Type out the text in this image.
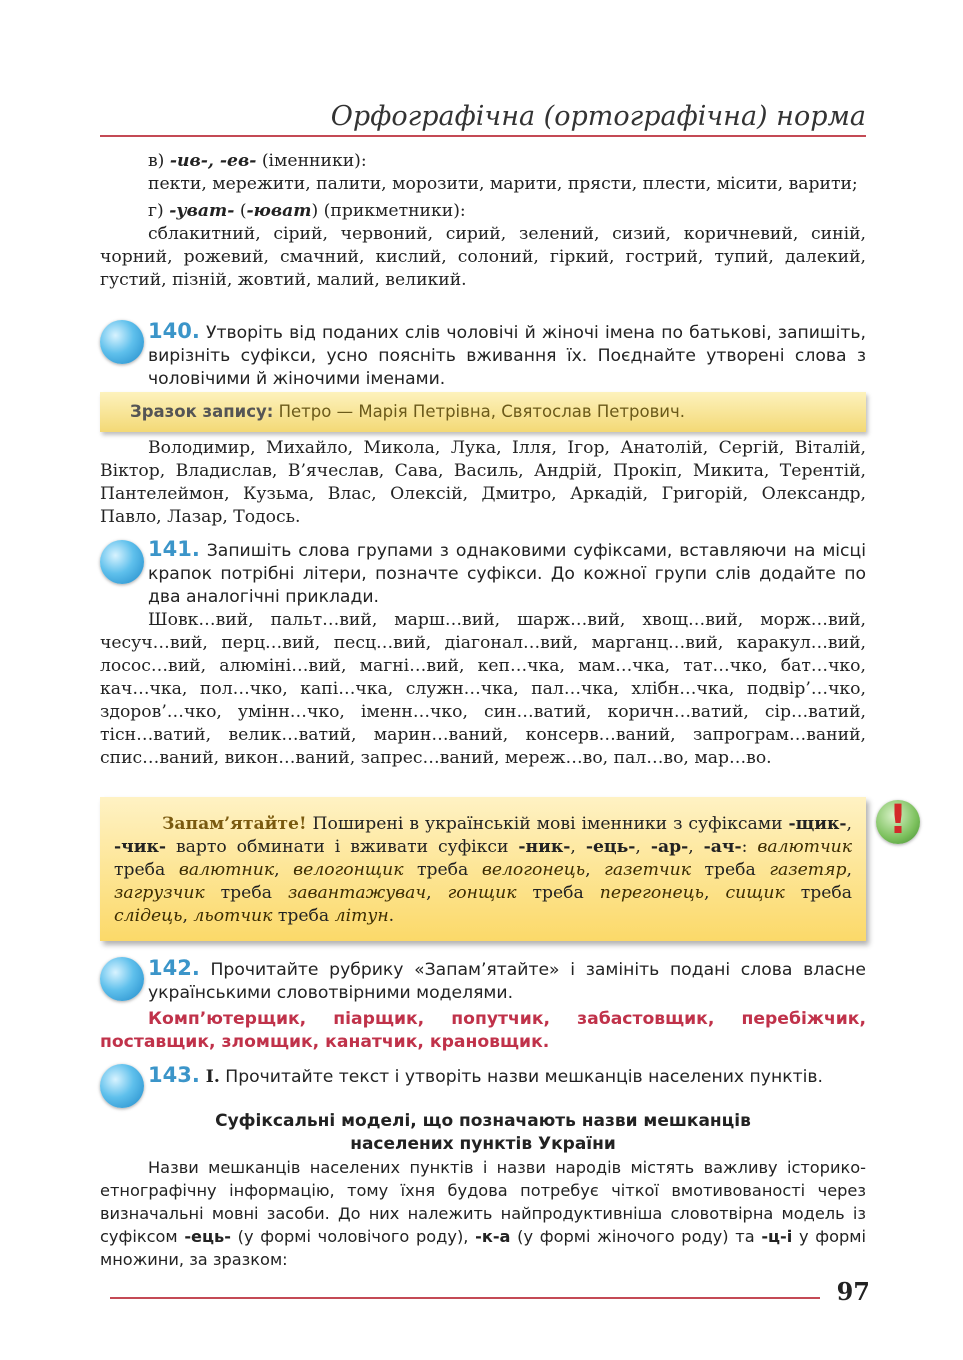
Орфографічна (ортографічна) норма

в) -ив-, -ев- (іменники):

пекти, мережити, палити, морозити, марити, прясти, плести, місити, варити;

г) -уват- (-юват) (прикметники):

сблакитний, сірий, червоний, сирий, зелений, сизий, коричневий, синій, чорний, рожевий, смачний, кислий, солоний, гіркий, гострий, тупий, далекий, густий, пізній, жовтий, малий, великий.

140. Утворіть від поданих слів чоловічі й жіночі імена по батькові, запишіть, вирізніть суфікси, усно поясніть вживання їх. Поєднайте утворені слова з чоловічими й жіночими іменами.

Зразок запису: Петро — Марія Петрівна, Святослав Петрович.

Володимир, Михайло, Микола, Лука, Ілля, Ігор, Анатолій, Сергій, Віталій, Віктор, Владислав, В’ячеслав, Сава, Василь, Андрій, Прокіп, Микита, Терентій, Пантелеймон, Кузьма, Влас, Олексій, Дмитро, Аркадій, Григорій, Олександр, Павло, Лазар, Тодось.

141. Запишіть слова групами з однаковими суфіксами, вставляючи на місці крапок потрібні літери, позначте суфікси. До кожної групи слів додайте по два аналогічні приклади.

Шовк…вий, пальт…вий, марш…вий, шарж…вий, хвощ…вий, морж…вий, чесуч…вий, перц…вий, песц…вий, діагонал…вий, марганц…вий, каракул…вий, лосос…вий, алюміні…вий, магні…вий, кеп…чка, мам…чка, тат…чко, бат…чко, кач…чка, пол…чко, капі…чка, служн…чка, пал…чка, хлібн…чка, подвір’…чко, здоров’…чко, умінн…чко, іменн…чко, син…ватий, коричн…ватий, сір…ватий, тісн…ватий, велик…ватий, марин…ваний, консерв…ваний, запрограм…ваний, спис…ваний, викон…ваний, запрес…ваний, мереж…во, пал…во, мар…во.

Запам’ятайте! Поширені в українській мові іменники з суфіксами -щик-, -чик- варто обминати і вживати суфікси -ник-, -ець-, -ар-, -ач-: валютчик треба валютник, велогонщик треба велогонець, газетчик треба газетяр, загрузчик треба завантажувач, гонщик треба перегонець, сищик треба слідець, льотчик треба літун.

!

142. Прочитайте рубрику «Запам’ятайте» і замініть подані слова власне українськими словотвірними моделями.

Комп’ютерщик, піарщик, попутчик, забастовщик, перебіжчик, поставщик, зломщик, канатчик, крановщик.

143. I. Прочитайте текст і утворіть назви мешканців населених пунктів.

Суфіксальні моделі, що позначають назви мешканців
населених пунктів України

Назви мешканців населених пунктів і назви народів містять важливу історико-етнографічну інформацію, тому їхня будова потребує чіткої вмотивованості через визначальні мовні засоби. До них належить найпродуктивніша словотвірна модель із суфіксом -ець- (у формі чоловічого роду), -к-а (у формі жіночого роду) та -ц-і у формі множини, за зразком:

97
